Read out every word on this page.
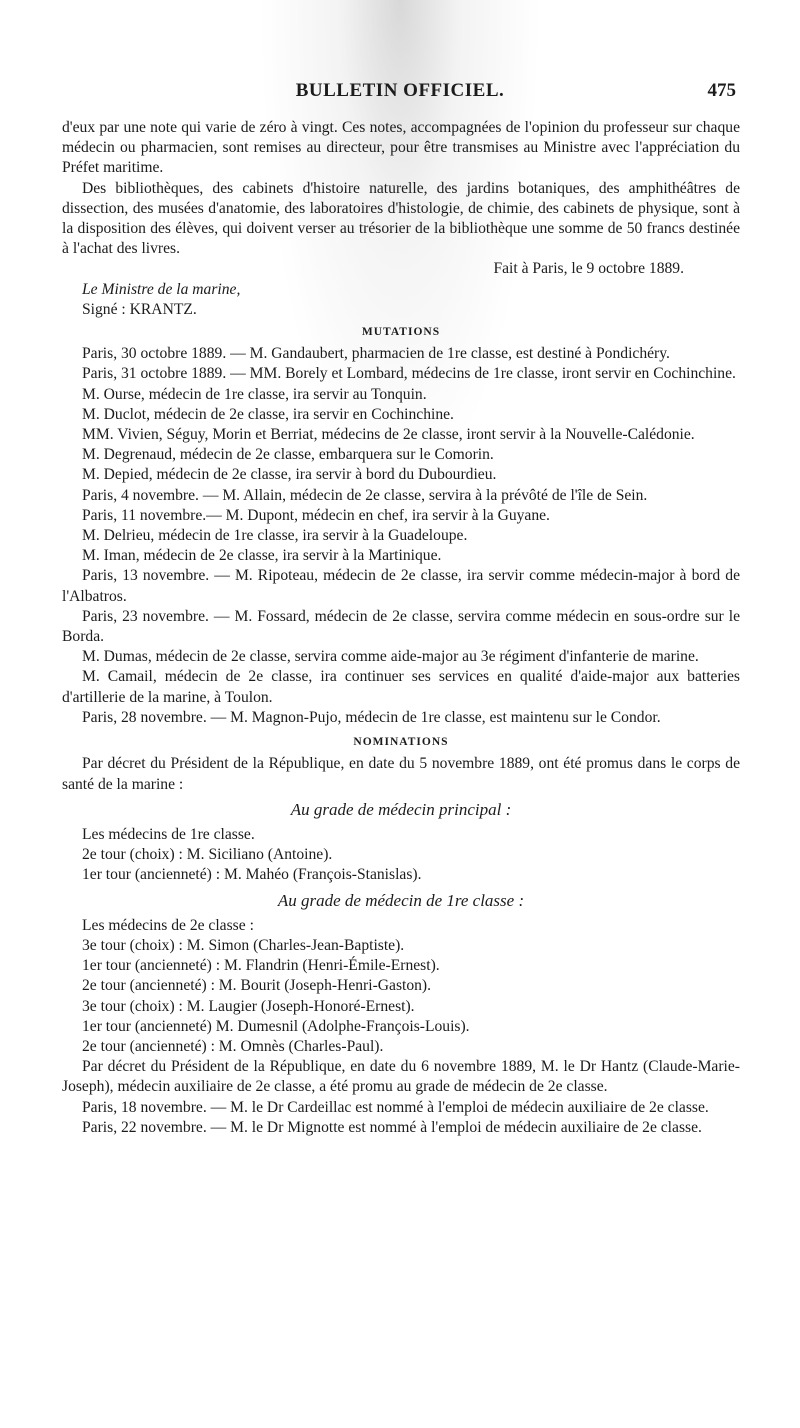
BULLETIN OFFICIEL.	475

d'eux par une note qui varie de zéro à vingt. Ces notes, accompagnées de l'opinion du professeur sur chaque médecin ou pharmacien, sont remises au directeur, pour être transmises au Ministre avec l'appréciation du Préfet maritime.

Des bibliothèques, des cabinets d'histoire naturelle, des jardins botaniques, des amphithéâtres de dissection, des musées d'anatomie, des laboratoires d'histologie, de chimie, des cabinets de physique, sont à la disposition des élèves, qui doivent verser au trésorier de la bibliothèque une somme de 50 francs destinée à l'achat des livres.

Fait à Paris, le 9 octobre 1889.

Le Ministre de la marine,

Signé : KRANTZ.

MUTATIONS

Paris, 30 octobre 1889. — M. Gandaubert, pharmacien de 1re classe, est destiné à Pondichéry.

Paris, 31 octobre 1889. — MM. Borely et Lombard, médecins de 1re classe, iront servir en Cochinchine.

M. Ourse, médecin de 1re classe, ira servir au Tonquin.

M. Duclot, médecin de 2e classe, ira servir en Cochinchine.

MM. Vivien, Séguy, Morin et Berriat, médecins de 2e classe, iront servir à la Nouvelle-Calédonie.

M. Degrenaud, médecin de 2e classe, embarquera sur le Comorin.

M. Depied, médecin de 2e classe, ira servir à bord du Dubourdieu.

Paris, 4 novembre. — M. Allain, médecin de 2e classe, servira à la prévôté de l'île de Sein.

Paris, 11 novembre.— M. Dupont, médecin en chef, ira servir à la Guyane.

M. Delrieu, médecin de 1re classe, ira servir à la Guadeloupe.

M. Iman, médecin de 2e classe, ira servir à la Martinique.

Paris, 13 novembre. — M. Ripoteau, médecin de 2e classe, ira servir comme médecin-major à bord de l'Albatros.

Paris, 23 novembre. — M. Fossard, médecin de 2e classe, servira comme médecin en sous-ordre sur le Borda.

M. Dumas, médecin de 2e classe, servira comme aide-major au 3e régiment d'infanterie de marine.

M. Camail, médecin de 2e classe, ira continuer ses services en qualité d'aide-major aux batteries d'artillerie de la marine, à Toulon.

Paris, 28 novembre. — M. Magnon-Pujo, médecin de 1re classe, est maintenu sur le Condor.

NOMINATIONS

Par décret du Président de la République, en date du 5 novembre 1889, ont été promus dans le corps de santé de la marine :

Au grade de médecin principal :

Les médecins de 1re classe.

2e tour (choix) : M. Siciliano (Antoine).

1er tour (ancienneté) : M. Mahéo (François-Stanislas).

Au grade de médecin de 1re classe :

Les médecins de 2e classe :

3e tour (choix) : M. Simon (Charles-Jean-Baptiste).

1er tour (ancienneté) : M. Flandrin (Henri-Émile-Ernest).

2e tour (ancienneté) : M. Bourit (Joseph-Henri-Gaston).

3e tour (choix) : M. Laugier (Joseph-Honoré-Ernest).

1er tour (ancienneté) M. Dumesnil (Adolphe-François-Louis).

2e tour (ancienneté) : M. Omnès (Charles-Paul).

Par décret du Président de la République, en date du 6 novembre 1889, M. le Dr Hantz (Claude-Marie-Joseph), médecin auxiliaire de 2e classe, a été promu au grade de médecin de 2e classe.

Paris, 18 novembre. — M. le Dr Cardeillac est nommé à l'emploi de médecin auxiliaire de 2e classe.

Paris, 22 novembre. — M. le Dr Mignotte est nommé à l'emploi de médecin auxiliaire de 2e classe.
